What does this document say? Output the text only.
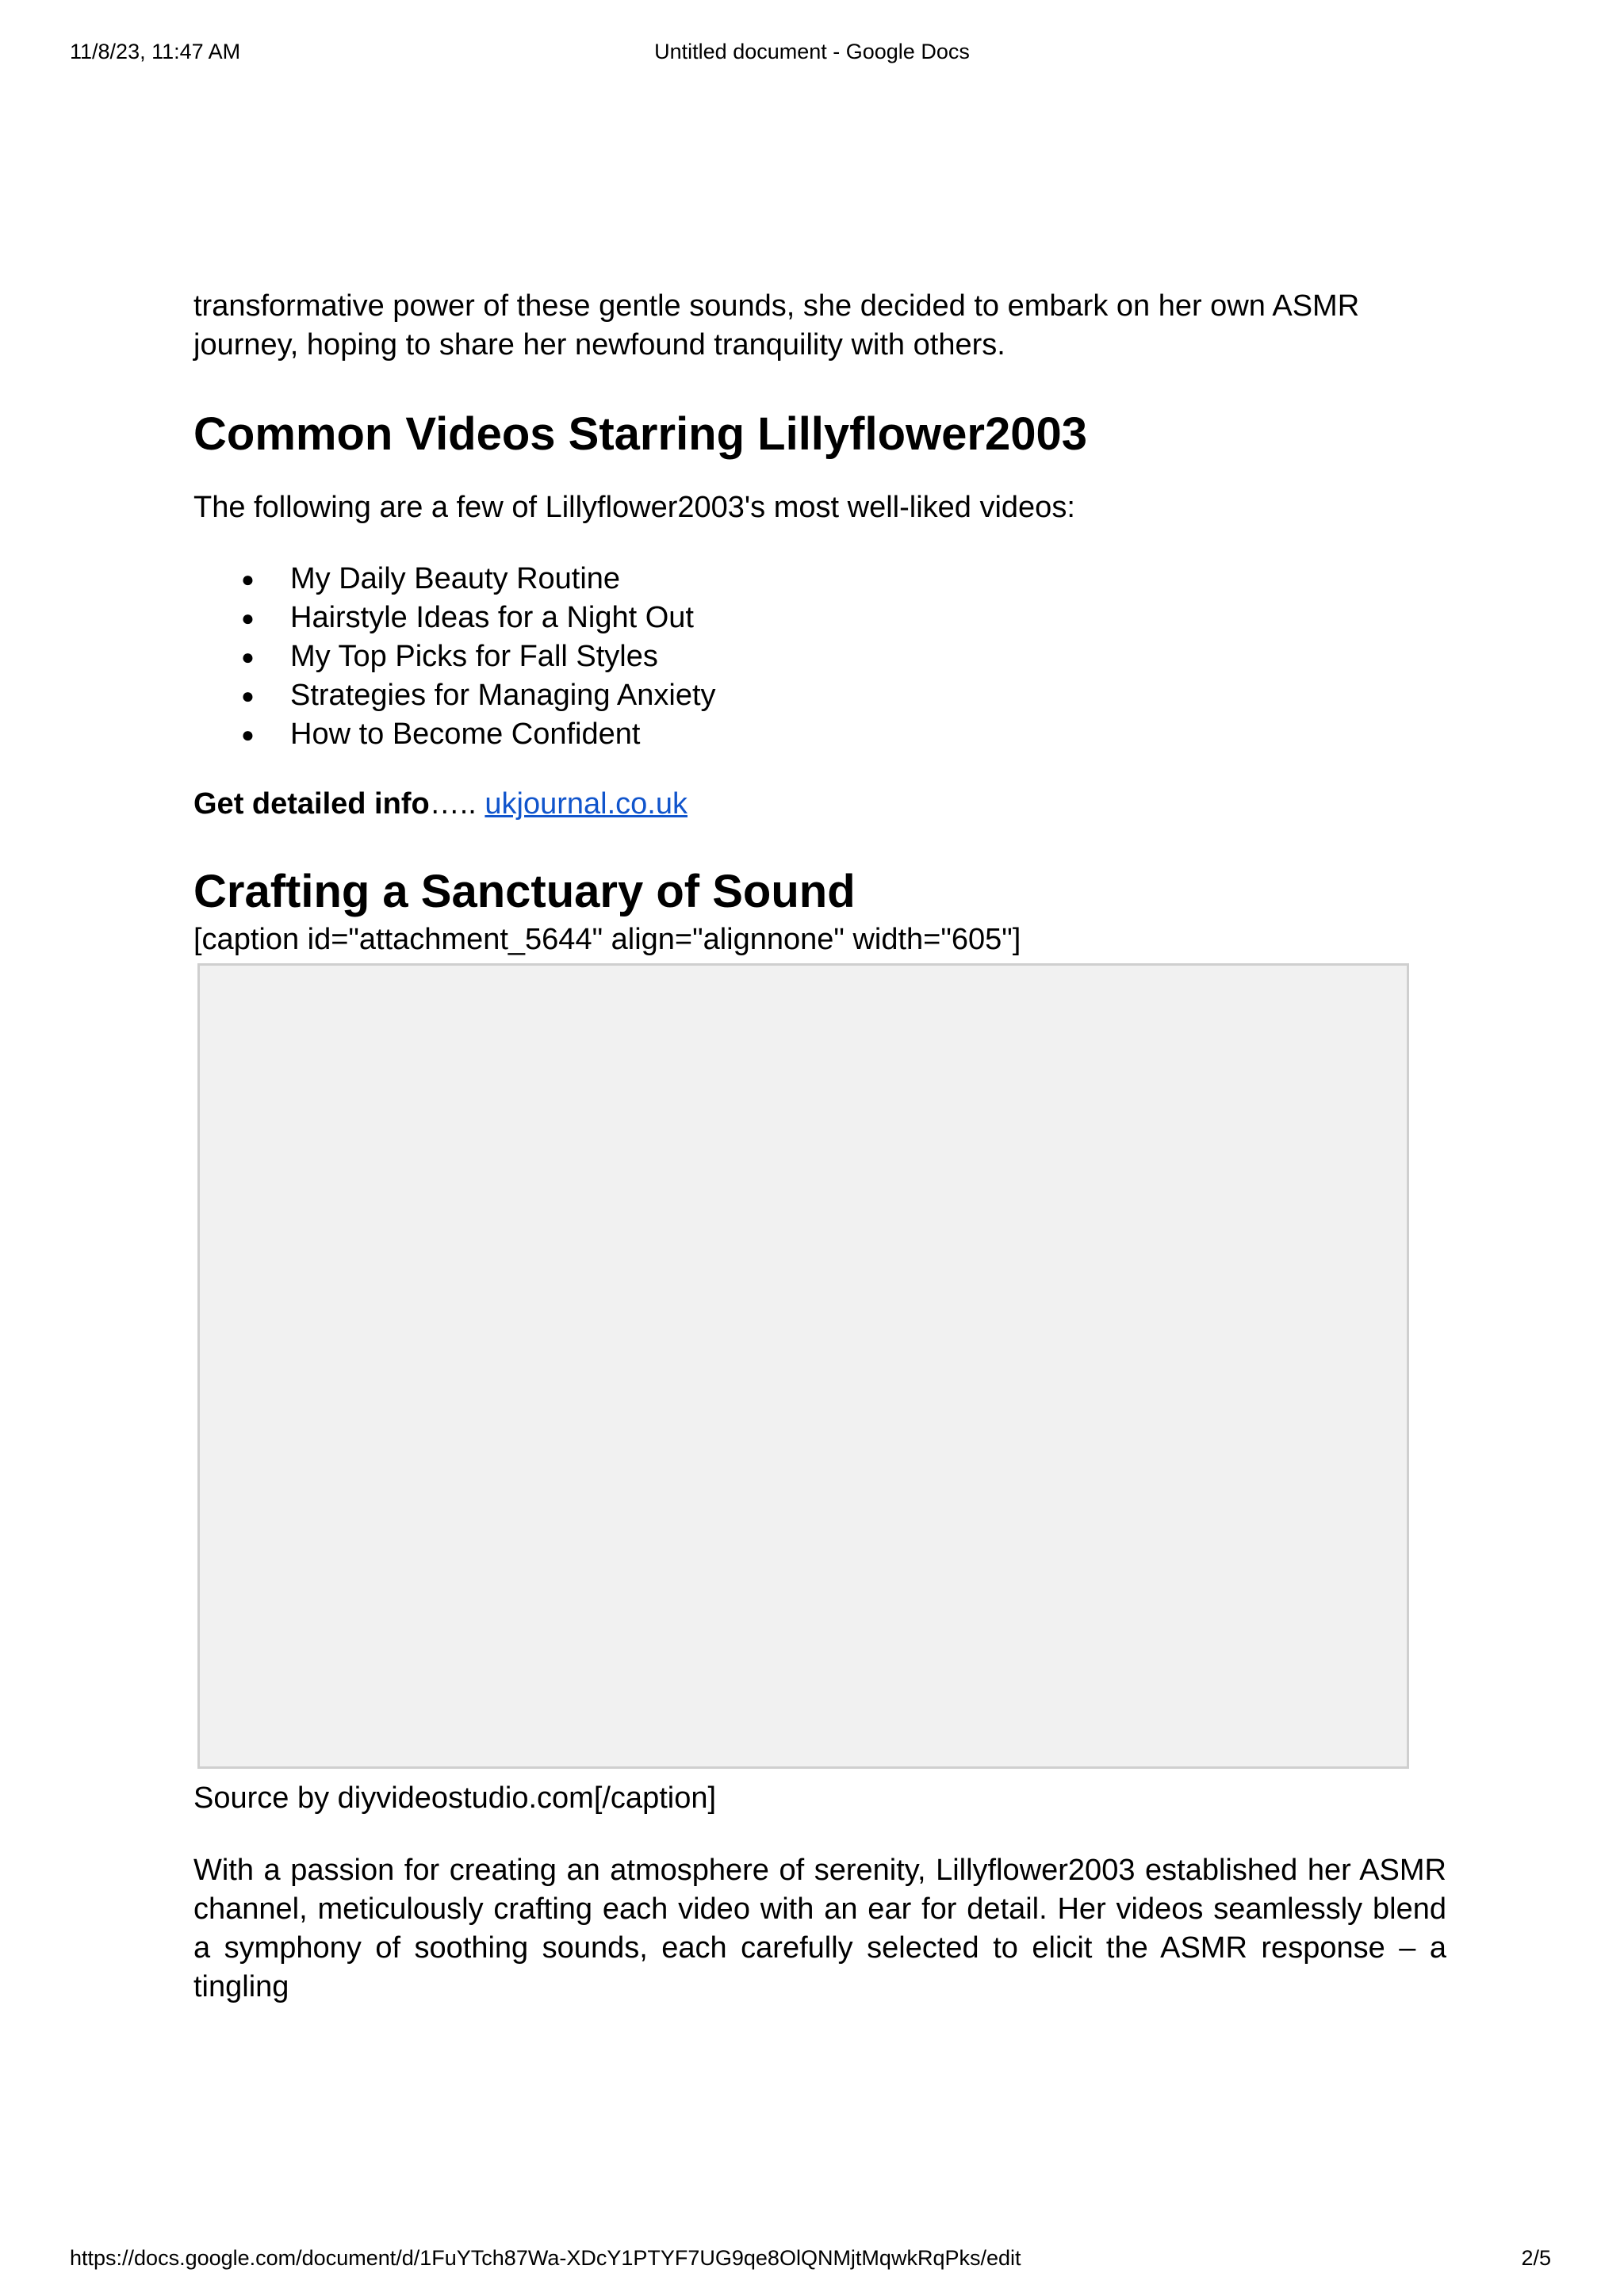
11/8/23, 11:47 AM	Untitled document - Google Docs

transformative power of these gentle sounds, she decided to embark on her own ASMR journey, hoping to share her newfound tranquility with others.

Common Videos Starring Lillyflower2003

The following are a few of Lillyflower2003's most well-liked videos:

● My Daily Beauty Routine
● Hairstyle Ideas for a Night Out
● My Top Picks for Fall Styles
● Strategies for Managing Anxiety
● How to Become Confident

Get detailed info….. ukjournal.co.uk

Crafting a Sanctuary of Sound

[caption id="attachment_5644" align="alignnone" width="605"]

Source by diyvideostudio.com[/caption]

With a passion for creating an atmosphere of serenity, Lillyflower2003 established her ASMR channel, meticulously crafting each video with an ear for detail. Her videos seamlessly blend a symphony of soothing sounds, each carefully selected to elicit the ASMR response – a tingling

https://docs.google.com/document/d/1FuYTch87Wa-XDcY1PTYF7UG9qe8OlQNMjtMqwkRqPks/edit	2/5
